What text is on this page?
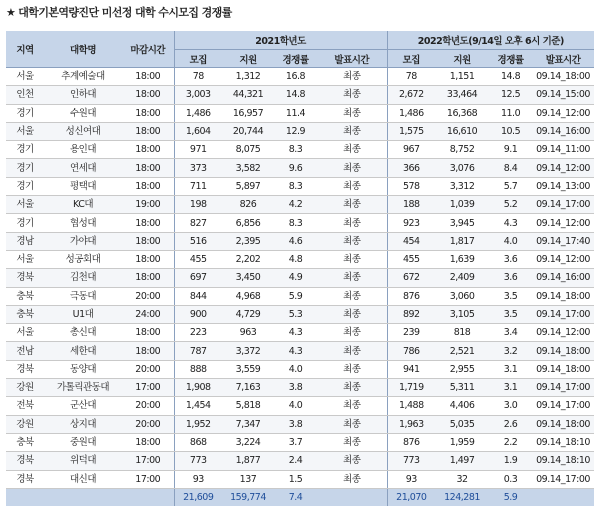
★ 대학기본역량진단 미선정 대학 수시모집 경쟁률
지역	대학명	마감시간	2021학년도				2022학년도(9/14일 오후 6시 기준)			
			모집	지원	경쟁률	발표시간	모집	지원	경쟁률	발표시간
서울	추계예술대	18:00	78	1,312	16.8	최종	78	1,151	14.8	09.14_18:00
인천	인하대	18:00	3,003	44,321	14.8	최종	2,672	33,464	12.5	09.14_15:00
경기	수원대	18:00	1,486	16,957	11.4	최종	1,486	16,368	11.0	09.14_12:00
서울	성신여대	18:00	1,604	20,744	12.9	최종	1,575	16,610	10.5	09.14_16:00
경기	용인대	18:00	971	8,075	8.3	최종	967	8,752	9.1	09.14_11:00
경기	연세대	18:00	373	3,582	9.6	최종	366	3,076	8.4	09.14_12:00
경기	평택대	18:00	711	5,897	8.3	최종	578	3,312	5.7	09.14_13:00
서울	KC대	19:00	198	826	4.2	최종	188	1,039	5.2	09.14_17:00
경기	협성대	18:00	827	6,856	8.3	최종	923	3,945	4.3	09.14_12:00
경남	가야대	18:00	516	2,395	4.6	최종	454	1,817	4.0	09.14_17:40
서울	성공회대	18:00	455	2,202	4.8	최종	455	1,639	3.6	09.14_12:00
경북	김천대	18:00	697	3,450	4.9	최종	672	2,409	3.6	09.14_16:00
충북	극동대	20:00	844	4,968	5.9	최종	876	3,060	3.5	09.14_18:00
충북	U1대	24:00	900	4,729	5.3	최종	892	3,105	3.5	09.14_17:00
서울	총신대	18:00	223	963	4.3	최종	239	818	3.4	09.14_12:00
전남	세한대	18:00	787	3,372	4.3	최종	786	2,521	3.2	09.14_18:00
경북	동양대	20:00	888	3,559	4.0	최종	941	2,955	3.1	09.14_18:00
강원	가톨릭관동대	17:00	1,908	7,163	3.8	최종	1,719	5,311	3.1	09.14_17:00
전북	군산대	20:00	1,454	5,818	4.0	최종	1,488	4,406	3.0	09.14_17:00
강원	상지대	20:00	1,952	7,347	3.8	최종	1,963	5,035	2.6	09.14_18:00
충북	중원대	18:00	868	3,224	3.7	최종	876	1,959	2.2	09.14_18:10
경북	위덕대	17:00	773	1,877	2.4	최종	773	1,497	1.9	09.14_18:10
경북	대신대	17:00	93	137	1.5	최종	93	32	0.3	09.14_17:00
			21,609	159,774	7.4		21,070	124,281	5.9	
